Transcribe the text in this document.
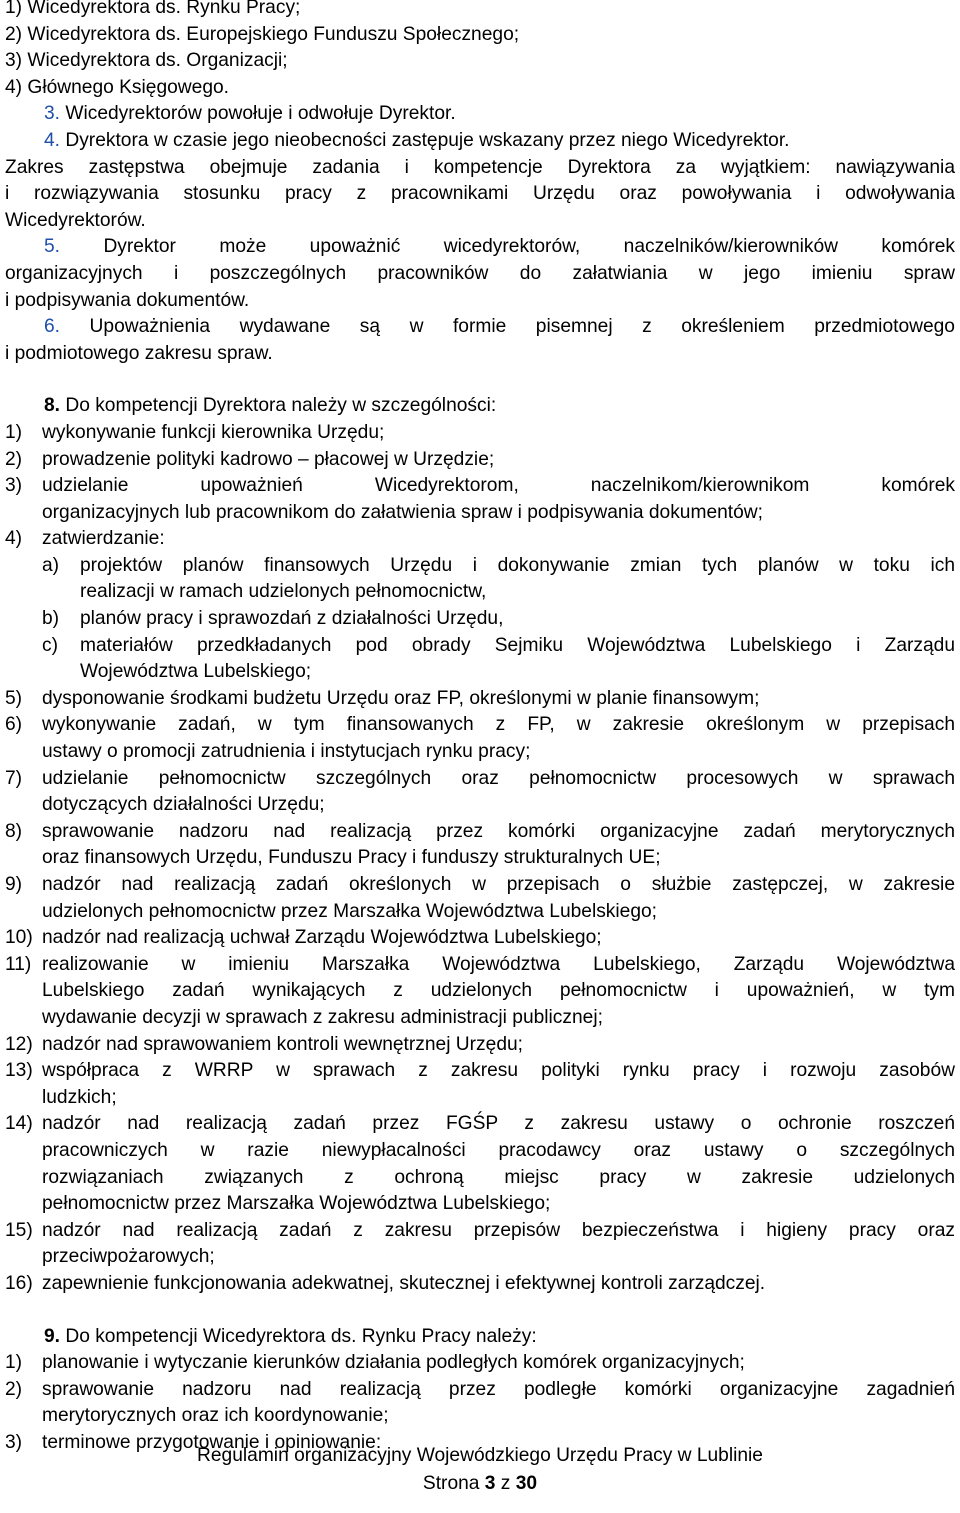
1) Wicedyrektora ds. Rynku Pracy;
2) Wicedyrektora ds. Europejskiego Funduszu Społecznego;
3) Wicedyrektora ds. Organizacji;
4) Głównego Księgowego.
3. Wicedyrektorów powołuje i odwołuje Dyrektor.
4. Dyrektora w czasie jego nieobecności zastępuje wskazany przez niego Wicedyrektor.
Zakres zastępstwa obejmuje zadania i kompetencje Dyrektora za wyjątkiem: nawiązywania
i rozwiązywania stosunku pracy z pracownikami Urzędu oraz powoływania i odwoływania
Wicedyrektorów.
5. Dyrektor może upoważnić wicedyrektorów, naczelników/kierowników komórek
organizacyjnych i poszczególnych pracowników do załatwiania w jego imieniu spraw
i podpisywania dokumentów.
6. Upoważnienia wydawane są w formie pisemnej z określeniem przedmiotowego
i podmiotowego zakresu spraw.
8. Do kompetencji Dyrektora należy w szczególności:
1)	wykonywanie funkcji kierownika Urzędu;
2)	prowadzenie polityki kadrowo – płacowej w Urzędzie;
3)	udzielanie upoważnień Wicedyrektorom, naczelnikom/kierownikom komórek
organizacyjnych lub pracownikom do załatwienia spraw i podpisywania dokumentów;
4)	zatwierdzanie:
a)	projektów planów finansowych Urzędu i dokonywanie zmian tych planów w toku ich
realizacji w ramach udzielonych pełnomocnictw,
b)	planów pracy i sprawozdań z działalności Urzędu,
c)	materiałów przedkładanych pod obrady Sejmiku Województwa Lubelskiego i Zarządu
Województwa Lubelskiego;
5)	dysponowanie środkami budżetu Urzędu oraz FP, określonymi w planie finansowym;
6)	wykonywanie zadań, w tym finansowanych z FP, w zakresie określonym w przepisach
ustawy o promocji zatrudnienia i instytucjach rynku pracy;
7)	udzielanie pełnomocnictw szczególnych oraz pełnomocnictw procesowych w sprawach
dotyczących działalności Urzędu;
8)	sprawowanie nadzoru nad realizacją przez komórki organizacyjne zadań merytorycznych
oraz finansowych Urzędu, Funduszu Pracy i funduszy strukturalnych UE;
9)	nadzór nad realizacją zadań określonych w przepisach o służbie zastępczej, w zakresie
udzielonych pełnomocnictw przez Marszałka Województwa Lubelskiego;
10) nadzór nad realizacją uchwał Zarządu Województwa Lubelskiego;
11) realizowanie w imieniu Marszałka Województwa Lubelskiego, Zarządu Województwa
Lubelskiego zadań wynikających z udzielonych pełnomocnictw i upoważnień, w tym
wydawanie decyzji w sprawach z zakresu administracji publicznej;
12) nadzór nad sprawowaniem kontroli wewnętrznej Urzędu;
13) współpraca z WRRP w sprawach z zakresu polityki rynku pracy i rozwoju zasobów
ludzkich;
14) nadzór nad realizacją zadań przez FGŚP z zakresu ustawy o ochronie roszczeń
pracowniczych w razie niewypłacalności pracodawcy oraz ustawy o szczególnych
rozwiązaniach związanych z ochroną miejsc pracy w zakresie udzielonych
pełnomocnictw przez Marszałka Województwa Lubelskiego;
15) nadzór nad realizacją zadań z zakresu przepisów bezpieczeństwa i higieny pracy oraz
przeciwpożarowych;
16) zapewnienie funkcjonowania adekwatnej, skutecznej i efektywnej kontroli zarządczej.
9. Do kompetencji Wicedyrektora ds. Rynku Pracy należy:
1)	planowanie i wytyczanie kierunków działania podległych komórek organizacyjnych;
2)	sprawowanie nadzoru nad realizacją przez podległe komórki organizacyjne zagadnień
merytorycznych oraz ich koordynowanie;
3)	terminowe przygotowanie i opiniowanie:
Regulamin organizacyjny Wojewódzkiego Urzędu Pracy w Lublinie
Strona 3 z 30
